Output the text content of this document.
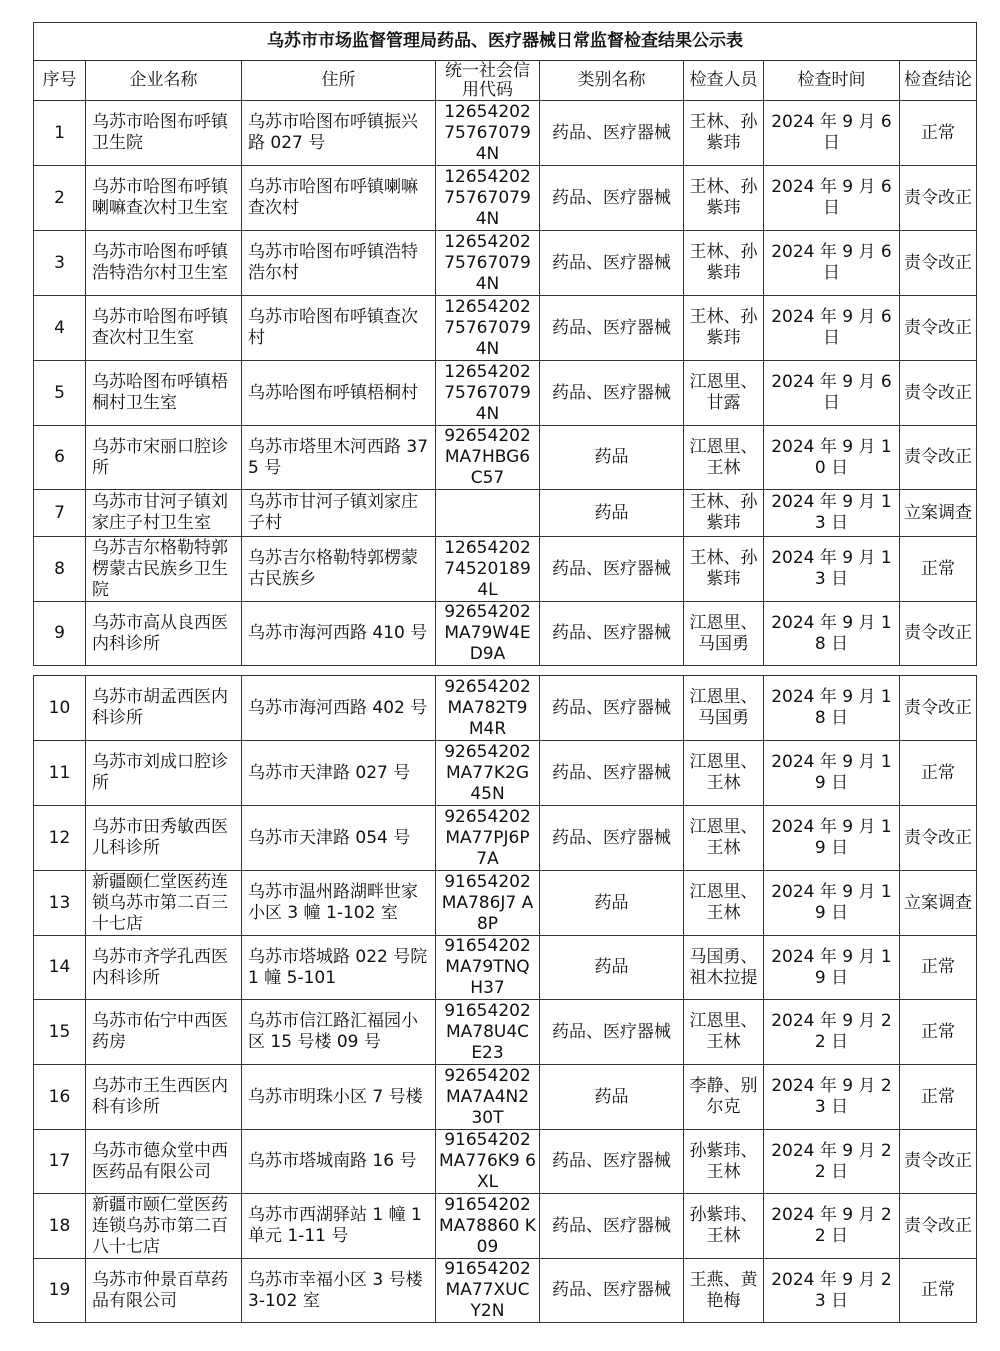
乌苏市市场监督管理局药品、医疗器械日常监督检查结果公示表							
序号	企业名称	住所	统一社会信用代码	类别名称	检查人员	检查时间	检查结论
1	乌苏市哈图布呼镇卫生院	乌苏市哈图布呼镇振兴路 027 号	1265420275767079 4N	药品、医疗器械	王林、孙紫玮	2024 年 9 月 6 日	正常
2	乌苏市哈图布呼镇喇嘛查次村卫生室	乌苏市哈图布呼镇喇嘛查次村	1265420275767079 4N	药品、医疗器械	王林、孙紫玮	2024 年 9 月 6 日	责令改正
3	乌苏市哈图布呼镇浩特浩尔村卫生室	乌苏市哈图布呼镇浩特浩尔村	1265420275767079 4N	药品、医疗器械	王林、孙紫玮	2024 年 9 月 6 日	责令改正
4	乌苏市哈图布呼镇查次村卫生室	乌苏市哈图布呼镇查次村	1265420275767079 4N	药品、医疗器械	王林、孙紫玮	2024 年 9 月 6 日	责令改正
5	乌苏哈图布呼镇梧桐村卫生室	乌苏哈图布呼镇梧桐村	1265420275767079 4N	药品、医疗器械	江恩里、甘露	2024 年 9 月 6 日	责令改正
6	乌苏市宋丽口腔诊所	乌苏市塔里木河西路 375 号	92654202MA7HBG6 C57	药品	江恩里、王林	2024 年 9 月 10 日	责令改正
7	乌苏市甘河子镇刘家庄子村卫生室	乌苏市甘河子镇刘家庄子村		药品	王林、孙紫玮	2024 年 9 月 13 日	立案调查
8	乌苏吉尔格勒特郭楞蒙古民族乡卫生院	乌苏吉尔格勒特郭楞蒙古民族乡	1265420274520189 4L	药品、医疗器械	王林、孙紫玮	2024 年 9 月 13 日	正常
9	乌苏市高从良西医内科诊所	乌苏市海河西路 410 号	92654202MA79W4E D9A	药品、医疗器械	江恩里、马国勇	2024 年 9 月 18 日	责令改正
10	乌苏市胡孟西医内科诊所	乌苏市海河西路 402 号	92654202MA782T9 M4R	药品、医疗器械	江恩里、马国勇	2024 年 9 月 18 日	责令改正
11	乌苏市刘成口腔诊所	乌苏市天津路 027 号	92654202MA77K2G 45N	药品、医疗器械	江恩里、王林	2024 年 9 月 19 日	正常
12	乌苏市田秀敏西医儿科诊所	乌苏市天津路 054 号	92654202MA77PJ6P 7A	药品、医疗器械	江恩里、王林	2024 年 9 月 19 日	责令改正
13	新疆颐仁堂医药连锁乌苏市第二百三十七店	乌苏市温州路湖畔世家小区 3 幢 1-102 室	91654202MA786J7 A8P	药品	江恩里、王林	2024 年 9 月 19 日	立案调查
14	乌苏市齐学孔西医内科诊所	乌苏市塔城路 022 号院 1 幢 5-101	91654202MA79TNQ H37	药品	马国勇、祖木拉提	2024 年 9 月 19 日	正常
15	乌苏市佑宁中西医药房	乌苏市信江路汇福园小区 15 号楼 09 号	91654202MA78U4C E23	药品、医疗器械	江恩里、王林	2024 年 9 月 22 日	正常
16	乌苏市王生西医内科有诊所	乌苏市明珠小区 7 号楼	92654202MA7A4N2 30T	药品	李静、别尔克	2024 年 9 月 23 日	正常
17	乌苏市德众堂中西医药品有限公司	乌苏市塔城南路 16 号	91654202MA776K9 6XL	药品、医疗器械	孙紫玮、王林	2024 年 9 月 22 日	责令改正
18	新疆市颐仁堂医药连锁乌苏市第二百八十七店	乌苏市西湖驿站 1 幢 1 单元 1-11 号	91654202MA78860 K09	药品、医疗器械	孙紫玮、王林	2024 年 9 月 22 日	责令改正
19	乌苏市仲景百草药品有限公司	乌苏市幸福小区 3 号楼 3-102 室	91654202MA77XUC Y2N	药品、医疗器械	王燕、黄艳梅	2024 年 9 月 23 日	正常
